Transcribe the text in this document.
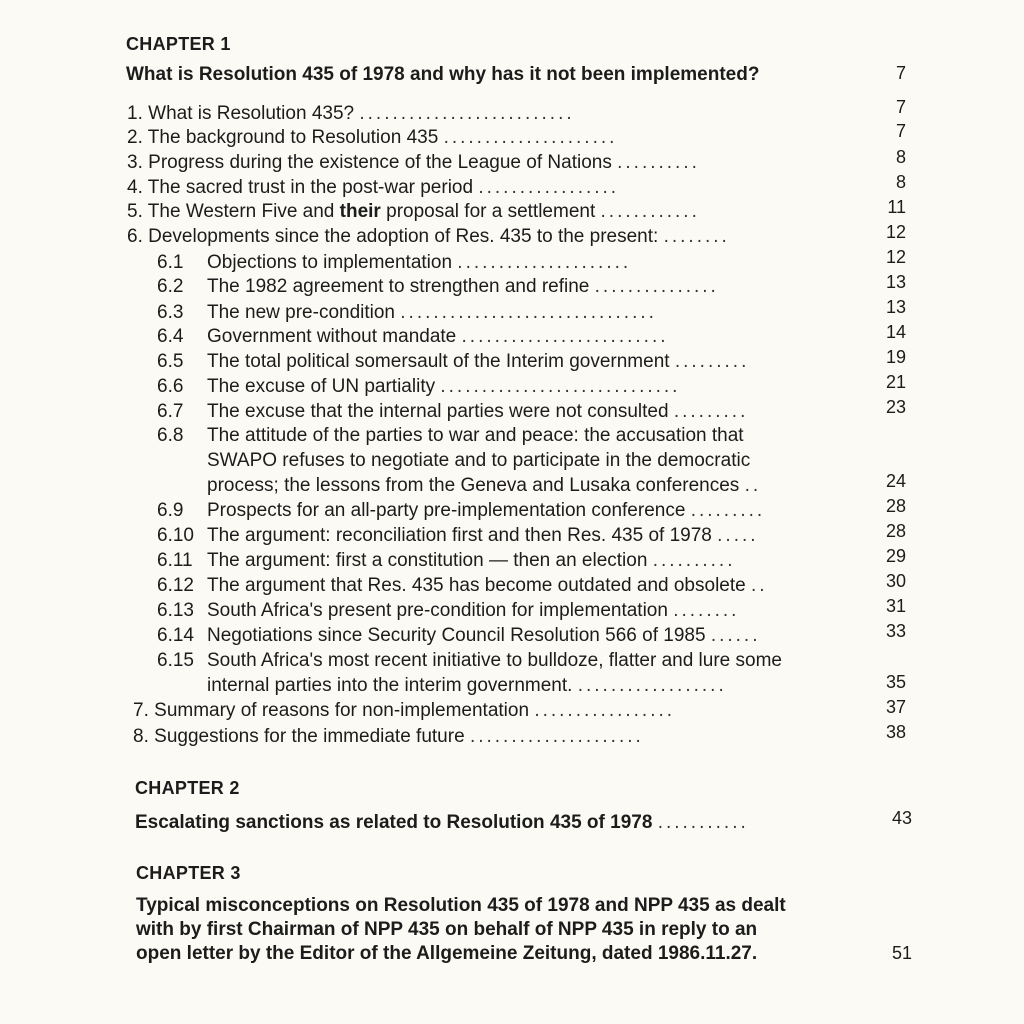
CHAPTER 1
What is Resolution 435 of 1978 and why has it not been implemented?	7
1. What is Resolution 435? ..........................	7
2. The background to Resolution 435 .....................	7
3. Progress during the existence of the League of Nations ..........	8
4. The sacred trust in the post-war period .................	8
5. The Western Five and their proposal for a settlement ............	11
6. Developments since the adoption of Res. 435 to the present: ........	12
6.1 Objections to implementation .....................	12
6.2 The 1982 agreement to strengthen and refine ...............	13
6.3 The new pre-condition ...............................	13
6.4 Government without mandate .........................	14
6.5 The total political somersault of the Interim government .........	19
6.6 The excuse of UN partiality .............................	21
6.7 The excuse that the internal parties were not consulted .........	23
6.8 The attitude of the parties to war and peace: the accusation that
SWAPO refuses to negotiate and to participate in the democratic
process; the lessons from the Geneva and Lusaka conferences ..	24
6.9 Prospects for an all-party pre-implementation conference .........	28
6.10 The argument: reconciliation first and then Res. 435 of 1978 .....	28
6.11 The argument: first a constitution — then an election ..........	29
6.12 The argument that Res. 435 has become outdated and obsolete ..	30
6.13 South Africa's present pre-condition for implementation ........	31
6.14 Negotiations since Security Council Resolution 566 of 1985 ......	33
6.15 South Africa's most recent initiative to bulldoze, flatter and lure some
internal parties into the interim government. ..................	35
7. Summary of reasons for non-implementation .................	37
8. Suggestions for the immediate future .....................	38
CHAPTER 2
Escalating sanctions as related to Resolution 435 of 1978 ...........	43
CHAPTER 3
Typical misconceptions on Resolution 435 of 1978 and NPP 435 as dealt
with by first Chairman of NPP 435 on behalf of NPP 435 in reply to an
open letter by the Editor of the Allgemeine Zeitung, dated 1986.11.27.	51
